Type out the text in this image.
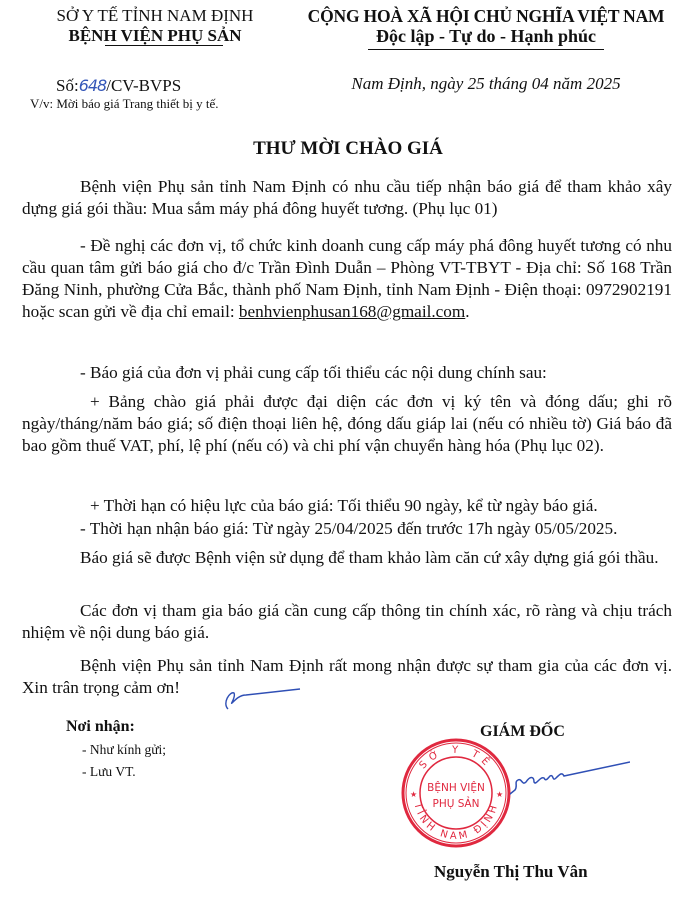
SỞ Y TẾ TỈNH NAM ĐỊNH
BỆNH VIỆN PHỤ SẢN
Số:648/CV-BVPS
V/v: Mời báo giá Trang thiết bị y tế.
CỘNG HOÀ XÃ HỘI CHỦ NGHĨA VIỆT NAM
Độc lập - Tự do - Hạnh phúc
Nam Định, ngày 25 tháng 04 năm 2025
THƯ MỜI CHÀO GIÁ
Bệnh viện Phụ sản tỉnh Nam Định có nhu cầu tiếp nhận báo giá để tham khảo xây dựng giá gói thầu: Mua sắm máy phá đông huyết tương. (Phụ lục 01)
- Đề nghị các đơn vị, tổ chức kinh doanh cung cấp máy phá đông huyết tương có nhu cầu quan tâm gửi báo giá cho đ/c Trần Đình Duẫn – Phòng VT-TBYT - Địa chỉ: Số 168 Trần Đăng Ninh, phường Cửa Bắc, thành phố Nam Định, tỉnh Nam Định - Điện thoại: 0972902191 hoặc scan gửi về địa chỉ email: benhvienphusan168@gmail.com.
- Báo giá của đơn vị phải cung cấp tối thiểu các nội dung chính sau:
+ Bảng chào giá phải được đại diện các đơn vị ký tên và đóng dấu; ghi rõ ngày/tháng/năm báo giá; số điện thoại liên hệ, đóng dấu giáp lai (nếu có nhiều tờ) Giá báo đã bao gồm thuế VAT, phí, lệ phí (nếu có) và chi phí vận chuyển hàng hóa (Phụ lục 02).
+ Thời hạn có hiệu lực của báo giá: Tối thiểu 90 ngày, kể từ ngày báo giá.
- Thời hạn nhận báo giá: Từ ngày 25/04/2025 đến trước 17h ngày 05/05/2025.
Báo giá sẽ được Bệnh viện sử dụng để tham khảo làm căn cứ xây dựng giá gói thầu.
Các đơn vị tham gia báo giá cần cung cấp thông tin chính xác, rõ ràng và chịu trách nhiệm về nội dung báo giá.
Bệnh viện Phụ sản tỉnh Nam Định rất mong nhận được sự tham gia của các đơn vị. Xin trân trọng cảm ơn!
Nơi nhận:
- Như kính gửi;
- Lưu VT.
GIÁM ĐỐC
SỞ Y TẾ
TỈNH NAM ĐỊNH
BỆNH VIỆN
PHỤ SẢN
★	★
Nguyễn Thị Thu Vân
